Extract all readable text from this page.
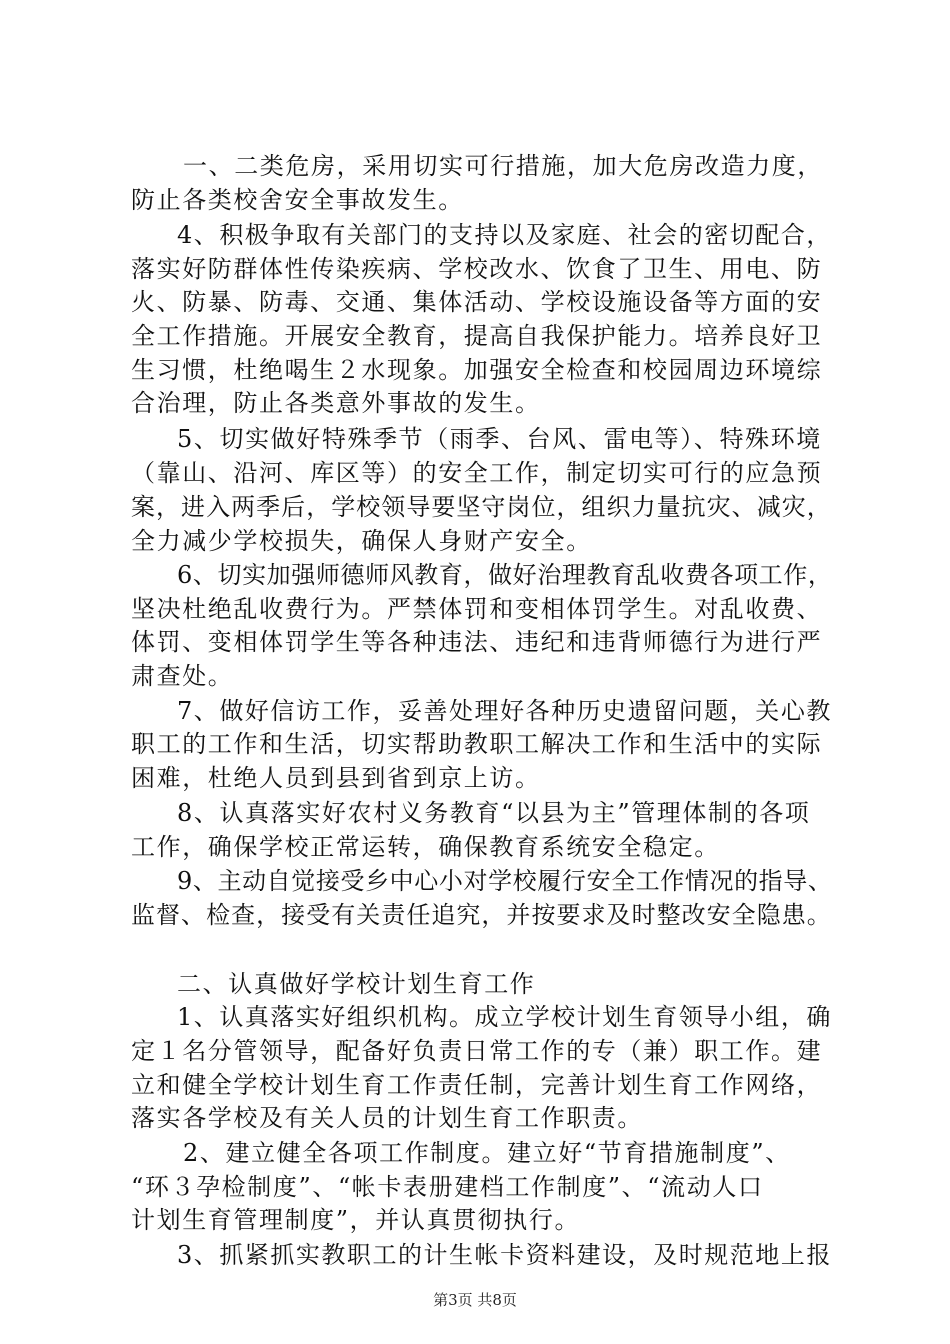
一、二类危房，采用切实可行措施，加大危房改造力度，
防止各类校舍安全事故发生。
4、积极争取有关部门的支持以及家庭、社会的密切配合，
落实好防群体性传染疾病、学校改水、饮食了卫生、用电、防
火、防暴、防毒、交通、集体活动、学校设施设备等方面的安
全工作措施。开展安全教育，提高自我保护能力。培养良好卫
生习惯，杜绝喝生２水现象。加强安全检查和校园周边环境综
合治理，防止各类意外事故的发生。
5、切实做好特殊季节（雨季、台风、雷电等）、特殊环境
（靠山、沿河、库区等）的安全工作，制定切实可行的应急预
案，进入两季后，学校领导要坚守岗位，组织力量抗灾、减灾，
全力减少学校损失，确保人身财产安全。
6、切实加强师德师风教育，做好治理教育乱收费各项工作，
坚决杜绝乱收费行为。严禁体罚和变相体罚学生。对乱收费、
体罚、变相体罚学生等各种违法、违纪和违背师德行为进行严
肃查处。
7、做好信访工作，妥善处理好各种历史遗留问题，关心教
职工的工作和生活，切实帮助教职工解决工作和生活中的实际
困难，杜绝人员到县到省到京上访。
8、认真落实好农村义务教育“以县为主”管理体制的各项
工作，确保学校正常运转，确保教育系统安全稳定。
9、主动自觉接受乡中心小对学校履行安全工作情况的指导、
监督、检查，接受有关责任追究，并按要求及时整改安全隐患。
二、认真做好学校计划生育工作
1、认真落实好组织机构。成立学校计划生育领导小组，确
定１名分管领导，配备好负责日常工作的专（兼）职工作。建
立和健全学校计划生育工作责任制，完善计划生育工作网络，
落实各学校及有关人员的计划生育工作职责。
2、建立健全各项工作制度。建立好“节育措施制度”、
“环３孕检制度”、“帐卡表册建档工作制度”、“流动人口
计划生育管理制度”，并认真贯彻执行。
3、抓紧抓实教职工的计生帐卡资料建设，及时规范地上报
第3页 共8页
